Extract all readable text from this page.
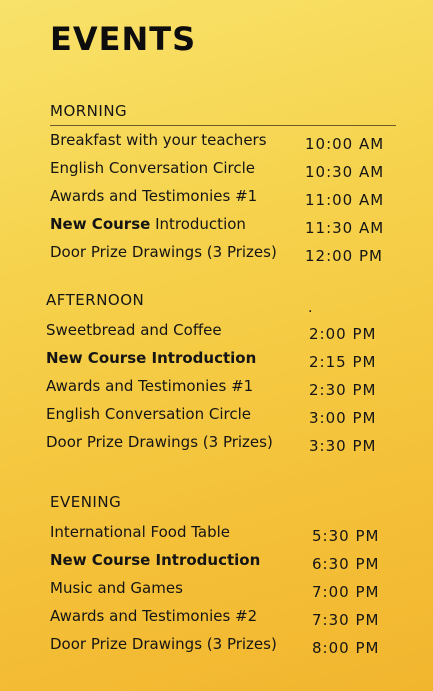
EVENTS
MORNING
Breakfast with your teachers	10:00 AM
English Conversation Circle	10:30 AM
Awards and Testimonies #1	11:00 AM
New Course Introduction	11:30 AM
Door Prize Drawings (3 Prizes) 12:00 PM
AFTERNOON	.
Sweetbread and Coffee	2:00 PM
New Course Introduction	2:15 PM
Awards and Testimonies #1	2:30 PM
English Conversation Circle	3:00 PM
Door Prize Drawings (3 Prizes) 3:30 PM
EVENING
International Food Table	5:30 PM
New Course Introduction	6:30 PM
Music and Games	7:00 PM
Awards and Testimonies #2	7:30 PM
Door Prize Drawings (3 Prizes) 8:00 PM
